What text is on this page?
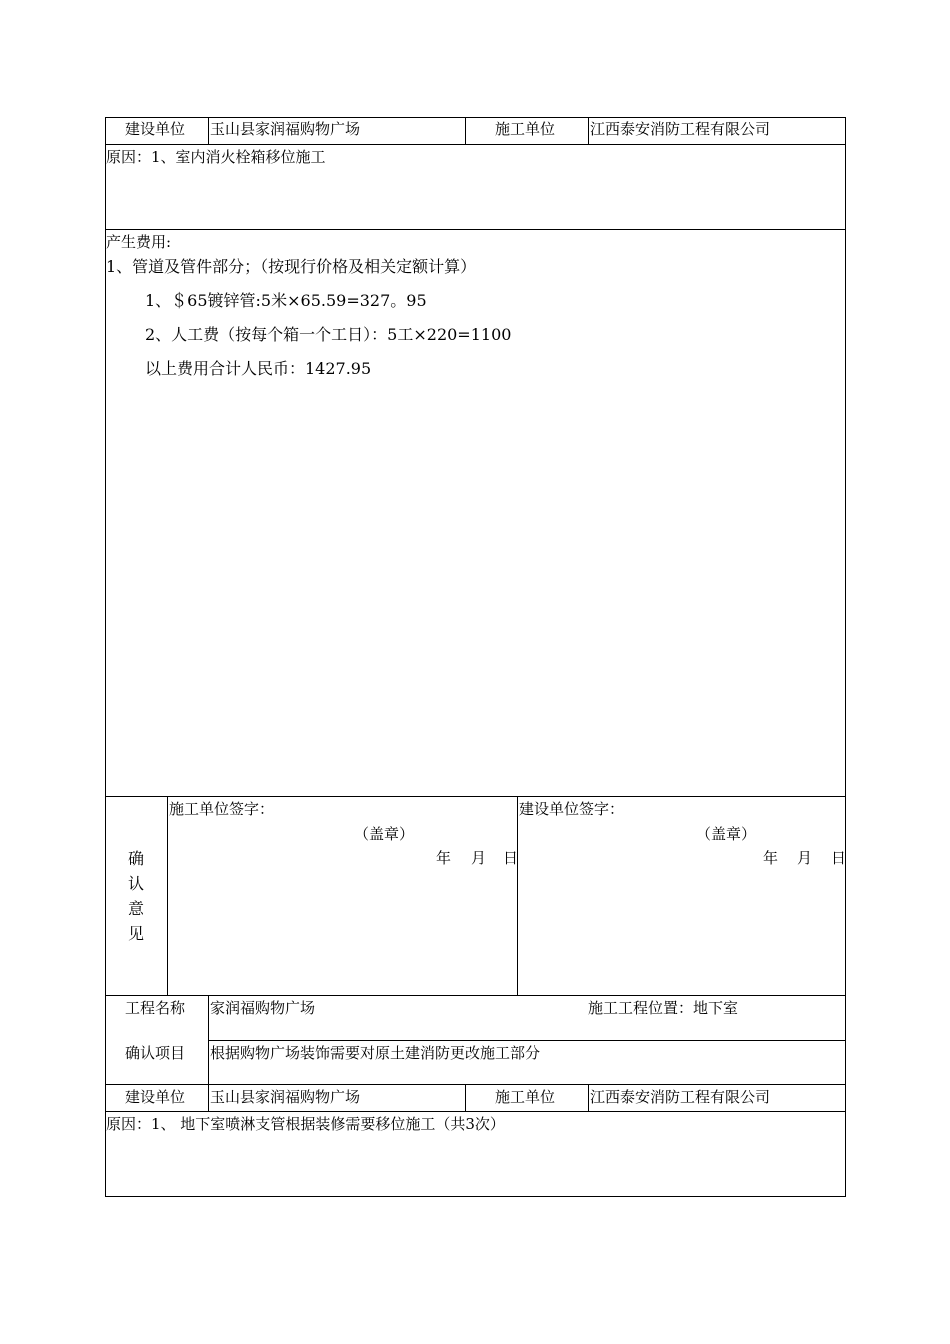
建设单位 玉山县家润福购物广场	施工单位 江西泰安消防工程有限公司
原因：1、室内消火栓箱移位施工
产生费用:
1、管道及管件部分；（按现行价格及相关定额计算）
1、＄65镀锌管:5米×65.59=327。95
2、人工费（按每个箱一个工日）：5工×220=1100
以上费用合计人民币：1427.95
确
认
意
见
施工单位签字：
（盖章）
年 月 日
建设单位签字：
（盖章）
年 月 日
工程名称 家润福购物广场	施工工程位置：地下室
确认项目 根据购物广场装饰需要对原土建消防更改施工部分
建设单位 玉山县家润福购物广场	施工单位 江西泰安消防工程有限公司
原因：1、 地下室喷淋支管根据装修需要移位施工（共3次）
